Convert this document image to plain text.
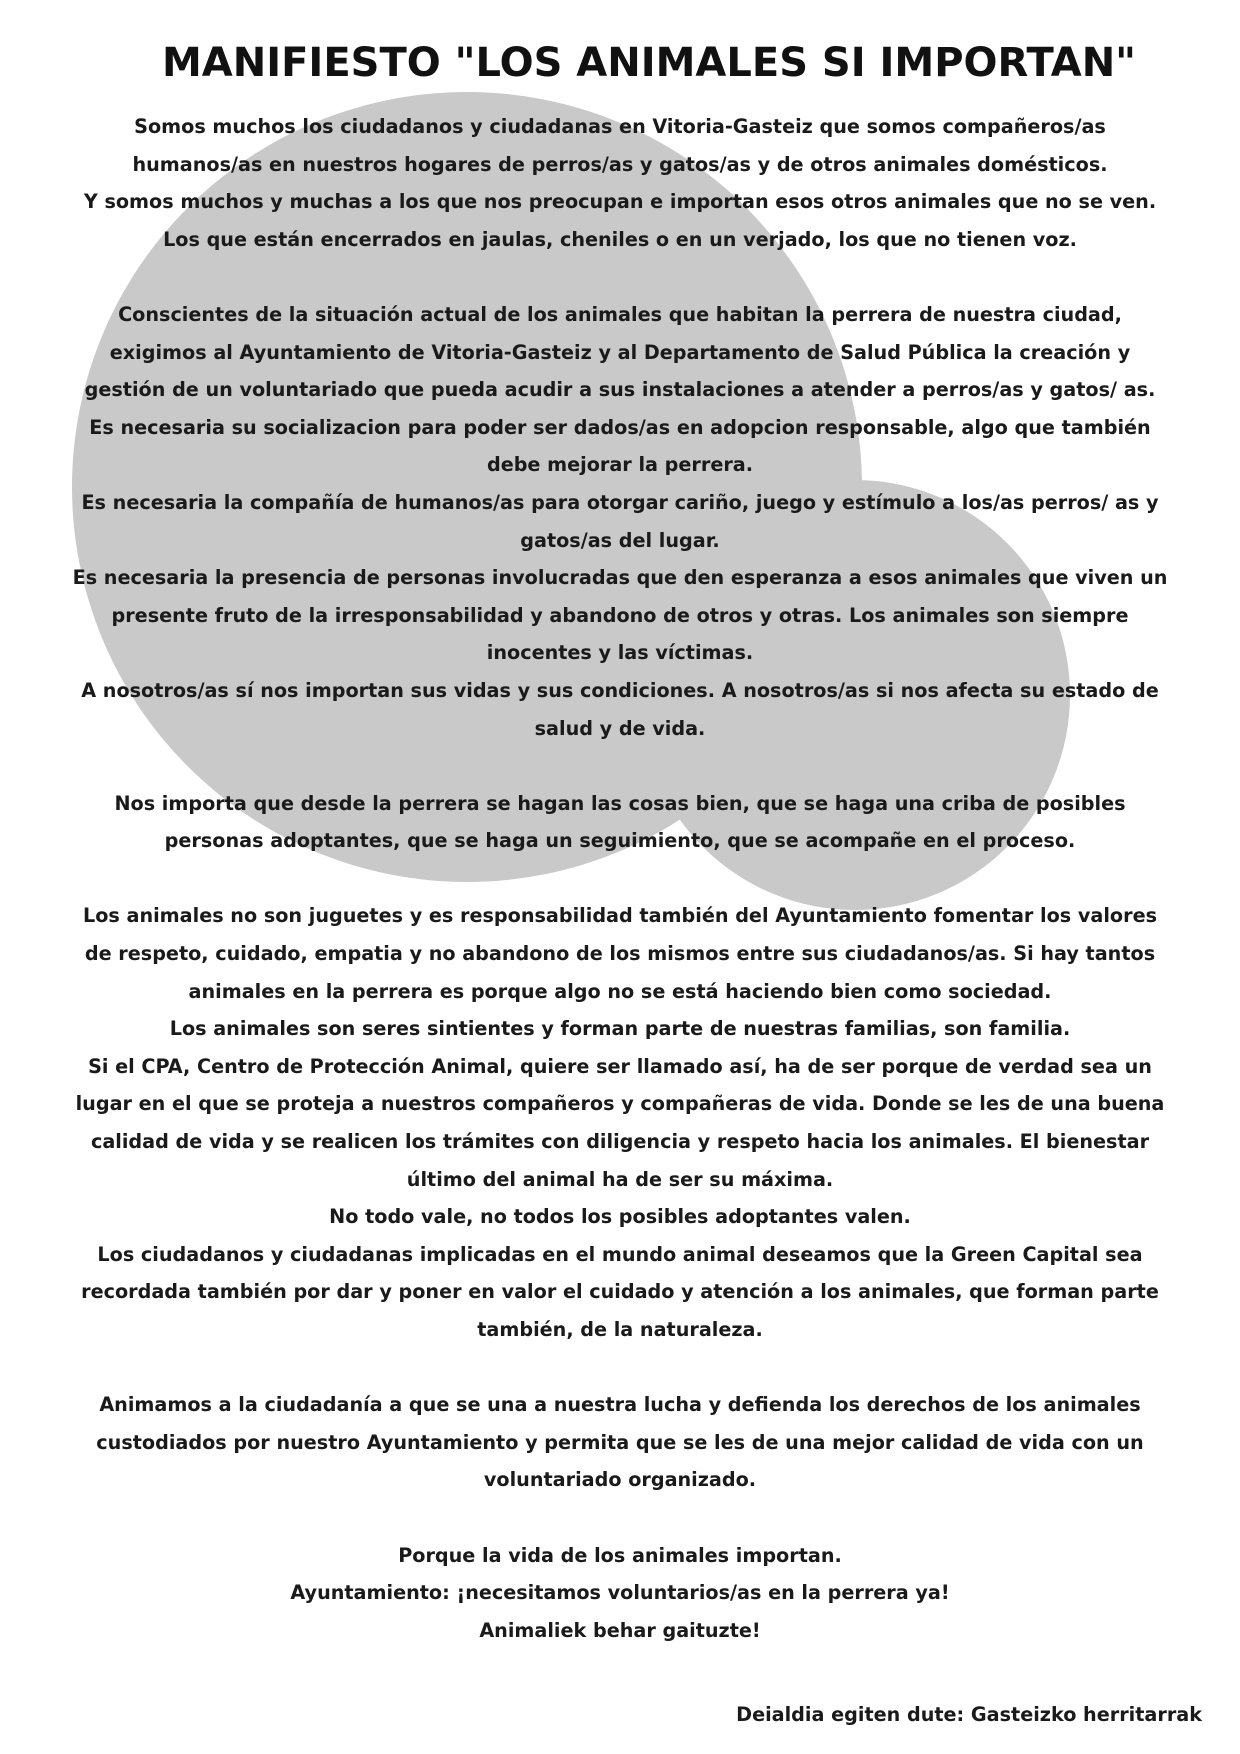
MANIFIESTO "LOS ANIMALES SI IMPORTAN"

Somos muchos los ciudadanos y ciudadanas en Vitoria-Gasteiz que somos compañeros/as humanos/as en nuestros hogares de perros/as y gatos/as y de otros animales domésticos.

Y somos muchos y muchas a los que nos preocupan e importan esos otros animales que no se ven. Los que están encerrados en jaulas, cheniles o en un verjado, los que no tienen voz.

Conscientes de la situación actual de los animales que habitan la perrera de nuestra ciudad, exigimos al Ayuntamiento de Vitoria-Gasteiz y al Departamento de Salud Pública la creación y gestión de un voluntariado que pueda acudir a sus instalaciones a atender a perros/as y gatos/ as. Es necesaria su socializacion para poder ser dados/as en adopcion responsable, algo que también debe mejorar la perrera.

Es necesaria la compañía de humanos/as para otorgar cariño, juego y estímulo a los/as perros/ as y gatos/as del lugar.

Es necesaria la presencia de personas involucradas que den esperanza a esos animales que viven un presente fruto de la irresponsabilidad y abandono de otros y otras. Los animales son siempre inocentes y las víctimas.

A nosotros/as sí nos importan sus vidas y sus condiciones. A nosotros/as si nos afecta su estado de salud y de vida.

Nos importa que desde la perrera se hagan las cosas bien, que se haga una criba de posibles personas adoptantes, que se haga un seguimiento, que se acompañe en el proceso.

Los animales no son juguetes y es responsabilidad también del Ayuntamiento fomentar los valores de respeto, cuidado, empatia y no abandono de los mismos entre sus ciudadanos/as. Si hay tantos animales en la perrera es porque algo no se está haciendo bien como sociedad.

Los animales son seres sintientes y forman parte de nuestras familias, son familia.

Si el CPA, Centro de Protección Animal, quiere ser llamado así, ha de ser porque de verdad sea un lugar en el que se proteja a nuestros compañeros y compañeras de vida. Donde se les de una buena calidad de vida y se realicen los trámites con diligencia y respeto hacia los animales. El bienestar último del animal ha de ser su máxima.

No todo vale, no todos los posibles adoptantes valen.

Los ciudadanos y ciudadanas implicadas en el mundo animal deseamos que la Green Capital sea recordada también por dar y poner en valor el cuidado y atención a los animales, que forman parte también, de la naturaleza.

Animamos a la ciudadanía a que se una a nuestra lucha y defienda los derechos de los animales custodiados por nuestro Ayuntamiento y permita que se les de una mejor calidad de vida con un voluntariado organizado.

Porque la vida de los animales importan.

Ayuntamiento: ¡necesitamos voluntarios/as en la perrera ya!

Animaliek behar gaituzte!

Deialdia egiten dute: Gasteizko herritarrak
